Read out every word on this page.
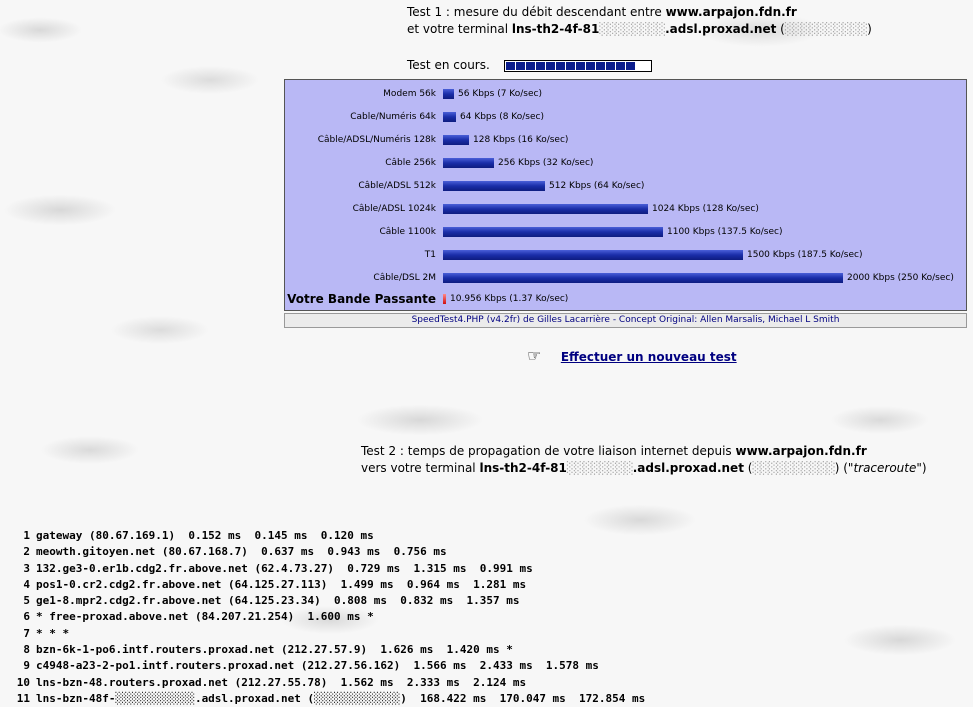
Test 1 : mesure du débit descendant entre www.arpajon.fdn.fr
et votre terminal lns-th2-4f-81░░░░░░░░.adsl.proxad.net (░░░░░░░░░░)
Test en cours.
Modem 56k 56 Kbps (7 Ko/sec)
Cable/Numéris 64k	64 Kbps (8 Ko/sec)
Câble/ADSL/Numéris 128k	128 Kbps (16 Ko/sec)
Câble 256k	256 Kbps (32 Ko/sec)
Câble/ADSL 512k	512 Kbps (64 Ko/sec)
Câble/ADSL 1024k	1024 Kbps (128 Ko/sec)
Câble 1100k	1100 Kbps (137.5 Ko/sec)
T1	1500 Kbps (187.5 Ko/sec)
Câble/DSL 2M	2000 Kbps (250 Ko/sec)
Votre Bande Passante 10.956 Kbps (1.37 Ko/sec)
SpeedTest4.PHP (v4.2fr) de Gilles Lacarrière - Concept Original: Allen Marsalis, Michael L Smith
☞ Effectuer un nouveau test
Test 2 : temps de propagation de votre liaison internet depuis www.arpajon.fdn.fr
vers votre terminal lns-th2-4f-81░░░░░░░░.adsl.proxad.net (░░░░░░░░░░) ("traceroute")
1 gateway (80.67.169.1)  0.152 ms  0.145 ms  0.120 ms
2 meowth.gitoyen.net (80.67.168.7)  0.637 ms  0.943 ms  0.756 ms
3 132.ge3-0.er1b.cdg2.fr.above.net (62.4.73.27)  0.729 ms  1.315 ms  0.991 ms
4 pos1-0.cr2.cdg2.fr.above.net (64.125.27.113)  1.499 ms  0.964 ms  1.281 ms
5 ge1-8.mpr2.cdg2.fr.above.net (64.125.23.34)  0.808 ms  0.832 ms  1.357 ms
6 * free-proxad.above.net (84.207.21.254)  1.600 ms *
7 * * *
8 bzn-6k-1-po6.intf.routers.proxad.net (212.27.57.9)  1.626 ms  1.420 ms *
9 c4948-a23-2-po1.intf.routers.proxad.net (212.27.56.162)  1.566 ms  2.433 ms  1.578 ms
10 lns-bzn-48.routers.proxad.net (212.27.55.78)  1.562 ms  2.333 ms  2.124 ms
11 lns-bzn-48f-░░░░░░░░░░░░.adsl.proxad.net (░░░░░░░░░░░░░)  168.422 ms  170.047 ms  172.854 ms
